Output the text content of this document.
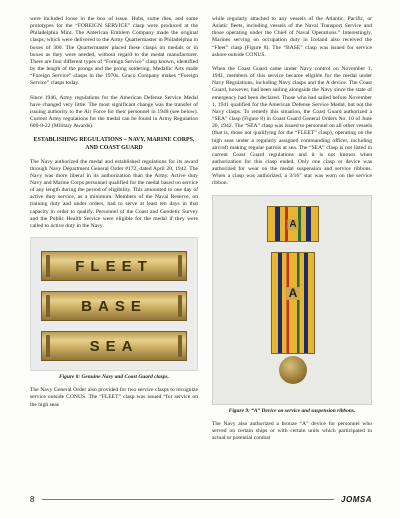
were included loose in the box of issue. Hubs, some dies, and some prototypes for the “FOREIGN SERVICE” clasp were produced at the Philadelphia Mint. The American Emblem Company made the original clasps, which were delivered to the Army Quartermaster in Philadelphia in boxes of 300. The Quartermaster placed these clasps on medals or in boxes as they were needed, without regard to the medal manufacturer. There are four different types of “Foreign Service” clasp known, identified by the length of the prongs and the prong soldering. Medallic Arts made “Foreign Service” clasps in the 1970s. Graco Company makes “Foreign Service” clasps today.

Since 1946, Army regulations for the American Defense Service Medal have changed very little. The most significant change was the transfer of issuing authority to the Air Force for their personnel in 1948 (see below). Current Army regulations for the medal can be found in Army Regulation 600-8-22 (Military Awards).

ESTABLISHING REGULATIONS – NAVY, MARINE CORPS, AND COAST GUARD

The Navy authorized the medal and established regulations for its award through Navy Department General Order #172, dated April 20, 1942. The Navy was more liberal in its authorization than the Army. Active duty Navy and Marine Corps personnel qualified for the medal based on service of any length during the period of eligibility. This amounted to one day of active duty service, as a minimum. Members of the Naval Reserve, on training duty and under orders, had to serve at least ten days in that capacity in order to qualify. Personnel of the Coast and Geodetic Survey and the Public Health Service were eligible for the medal if they were called to active duty in the Navy.

FLEET
BASE
SEA
Figure 8: Genuine Navy and Coast Guard clasps.

The Navy General Order also provided for two service clasps to recognize service outside CONUS. The “FLEET” clasp was issued “for service on the high seas

while regularly attached to any vessels of the Atlantic, Pacific, or Asiatic fleets, including vessels of the Naval Transport Service and those operating under the Chief of Naval Operations.” Interestingly, Marines serving on occupation duty in Iceland also received the “Fleet” clasp (Figure 8). The “BASE” clasp was issued for service ashore outside CONUS.

When the Coast Guard came under Navy control on November 1, 1941, members of this service became eligible for the medal under Navy Regulations, including Navy clasps and the A device. The Coast Guard, however, had been sailing alongside the Navy since the state of emergency had been declared. Those who had sailed before November 1, 1941 qualified for the American Defense Service Medal, but not the Navy clasps. To remedy this situation, the Coast Guard authorized a “SEA” clasp (Figure 8) in Coast Guard General Orders No. 10 of June 20, 1942. The “SEA” clasp was issued to personnel on all other vessels (that is, those not qualifying for the “FLEET” clasp), operating on the high seas under a regularly assigned commanding officer, including aircraft making regular patrols at sea. The “SEA” clasp is not listed in current Coast Guard regulations and it is not known when authorization for this clasp ended. Only one clasp or device was authorized for wear on the medal suspension and service ribbons. When a clasp was authorized, a 3/16” star was worn on the service ribbon.

A
A
Figure 9: “A” Device on service and suspension ribbons.

The Navy also authorized a bronze “A” device for personnel who served on certain ships or with certain units which participated in actual or potential combat

8	JOMSA
